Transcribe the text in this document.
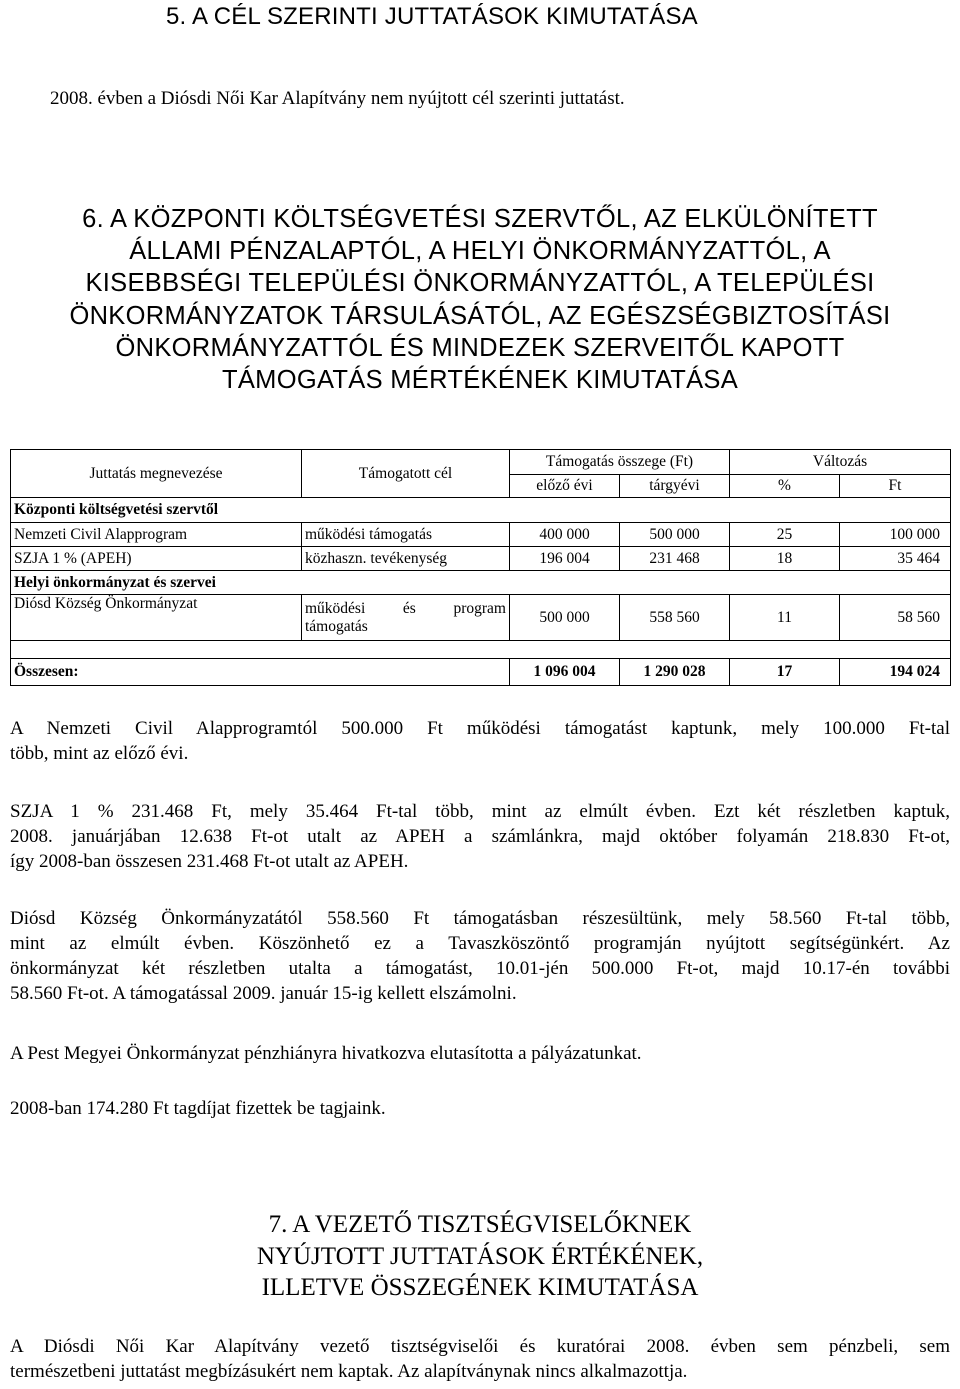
5. A CÉL SZERINTI JUTTATÁSOK KIMUTATÁSA
2008. évben a Diósdi Női Kar Alapítvány nem nyújtott cél szerinti juttatást.
6. A KÖZPONTI KÖLTSÉGVETÉSI SZERVTŐL, AZ ELKÜLÖNÍTETT
ÁLLAMI PÉNZALAPTÓL, A HELYI ÖNKORMÁNYZATTÓL, A
KISEBBSÉGI TELEPÜLÉSI ÖNKORMÁNYZATTÓL, A TELEPÜLÉSI
ÖNKORMÁNYZATOK TÁRSULÁSÁTÓL, AZ EGÉSZSÉGBIZTOSÍTÁSI
ÖNKORMÁNYZATTÓL ÉS MINDEZEK SZERVEITŐL KAPOTT
TÁMOGATÁS MÉRTÉKÉNEK KIMUTATÁSA
Juttatás megnevezése	Támogatott cél	Támogatás összege (Ft)		Változás	
		előző évi	tárgyévi	%	Ft
Központi költségvetési szervtől					
Nemzeti Civil Alapprogram	működési támogatás	400 000	500 000	25	100 000
SZJA 1 % (APEH)	közhaszn. tevékenység	196 004	231 468	18	35 464
Helyi önkormányzat és szervei					
Diósd Község Önkormányzat	működési és program
támogatás	500 000	558 560	11	58 560

Összesen:		1 096 004	1 290 028	17	194 024
A Nemzeti Civil Alapprogramtól 500.000 Ft működési támogatást kaptunk, mely 100.000 Ft-tal
több, mint az előző évi.
SZJA 1 % 231.468 Ft, mely 35.464 Ft-tal több, mint az elmúlt évben. Ezt két részletben kaptuk,
2008. januárjában 12.638 Ft-ot utalt az APEH a számlánkra, majd október folyamán 218.830 Ft-ot,
így 2008-ban összesen 231.468 Ft-ot utalt az APEH.
Diósd Község Önkormányzatától 558.560 Ft támogatásban részesültünk, mely 58.560 Ft-tal több,
mint az elmúlt évben. Köszönhető ez a Tavaszköszöntő programján nyújtott segítségünkért. Az
önkormányzat két részletben utalta a támogatást, 10.01-jén 500.000 Ft-ot, majd 10.17-én további
58.560 Ft-ot. A támogatással 2009. január 15-ig kellett elszámolni.
A Pest Megyei Önkormányzat pénzhiányra hivatkozva elutasította a pályázatunkat.
2008-ban 174.280 Ft tagdíjat fizettek be tagjaink.
7. A VEZETŐ TISZTSÉGVISELŐKNEK
NYÚJTOTT JUTTATÁSOK ÉRTÉKÉNEK,
ILLETVE ÖSSZEGÉNEK KIMUTATÁSA
A Diósdi Női Kar Alapítvány vezető tisztségviselői és kuratórai 2008. évben sem pénzbeli, sem
természetbeni juttatást megbízásukért nem kaptak. Az alapítványnak nincs alkalmazottja.
